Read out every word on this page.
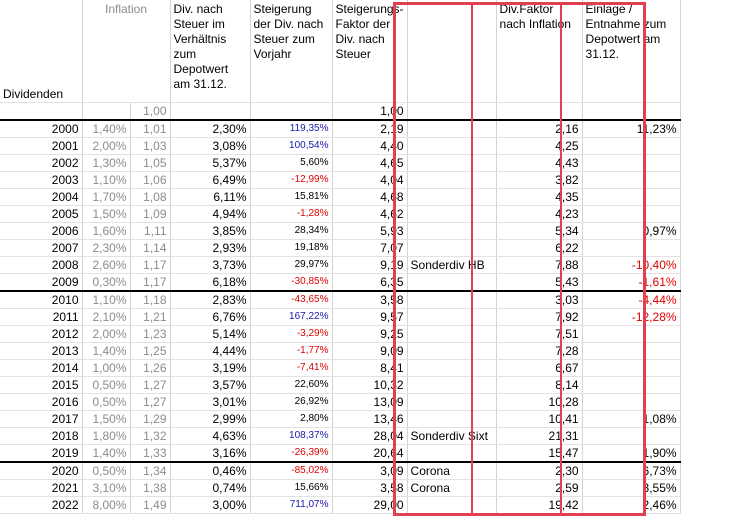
Dividenden	Inflation		Div. nach Steuer im Verhältnis zum Depotwert am 31.12.	Steigerung der Div. nach Steuer zum Vorjahr	Steigerungs-Faktor der Div. nach Steuer		Div.Faktor nach Inflation	Einlage / Entnahme zum Depotwert am 31.12.
		1,00			1,00			
2000	1,40%	1,01	2,30%	119,35%	2,19		2,16	11,23%
2001	2,00%	1,03	3,08%	100,54%	4,40		4,25	
2002	1,30%	1,05	5,37%	5,60%	4,65		4,43	
2003	1,10%	1,06	6,49%	-12,99%	4,04		3,82	
2004	1,70%	1,08	6,11%	15,81%	4,68		4,35	
2005	1,50%	1,09	4,94%	-1,28%	4,62		4,23	
2006	1,60%	1,11	3,85%	28,34%	5,93		5,34	0,97%
2007	2,30%	1,14	2,93%	19,18%	7,07		6,22	
2008	2,60%	1,17	3,73%	29,97%	9,19	Sonderdiv HB	7,88	-10,40%
2009	0,30%	1,17	6,18%	-30,85%	6,35		5,43	-1,61%
2010	1,10%	1,18	2,83%	-43,65%	3,58		3,03	-4,44%
2011	2,10%	1,21	6,76%	167,22%	9,57		7,92	-12,28%
2012	2,00%	1,23	5,14%	-3,29%	9,25		7,51	
2013	1,40%	1,25	4,44%	-1,77%	9,09		7,28	
2014	1,00%	1,26	3,19%	-7,41%	8,41		6,67	
2015	0,50%	1,27	3,57%	22,60%	10,32		8,14	
2016	0,50%	1,27	3,01%	26,92%	13,09		10,28	
2017	1,50%	1,29	2,99%	2,80%	13,46		10,41	1,08%
2018	1,80%	1,32	4,63%	108,37%	28,04	Sonderdiv Sixt	21,31	
2019	1,40%	1,33	3,16%	-26,39%	20,64		15,47	1,90%
2020	0,50%	1,34	0,46%	-85,02%	3,09	Corona	2,30	6,73%
2021	3,10%	1,38	0,74%	15,66%	3,58	Corona	2,59	3,55%
2022	8,00%	1,49	3,00%	711,07%	29,00		19,42	2,46%
